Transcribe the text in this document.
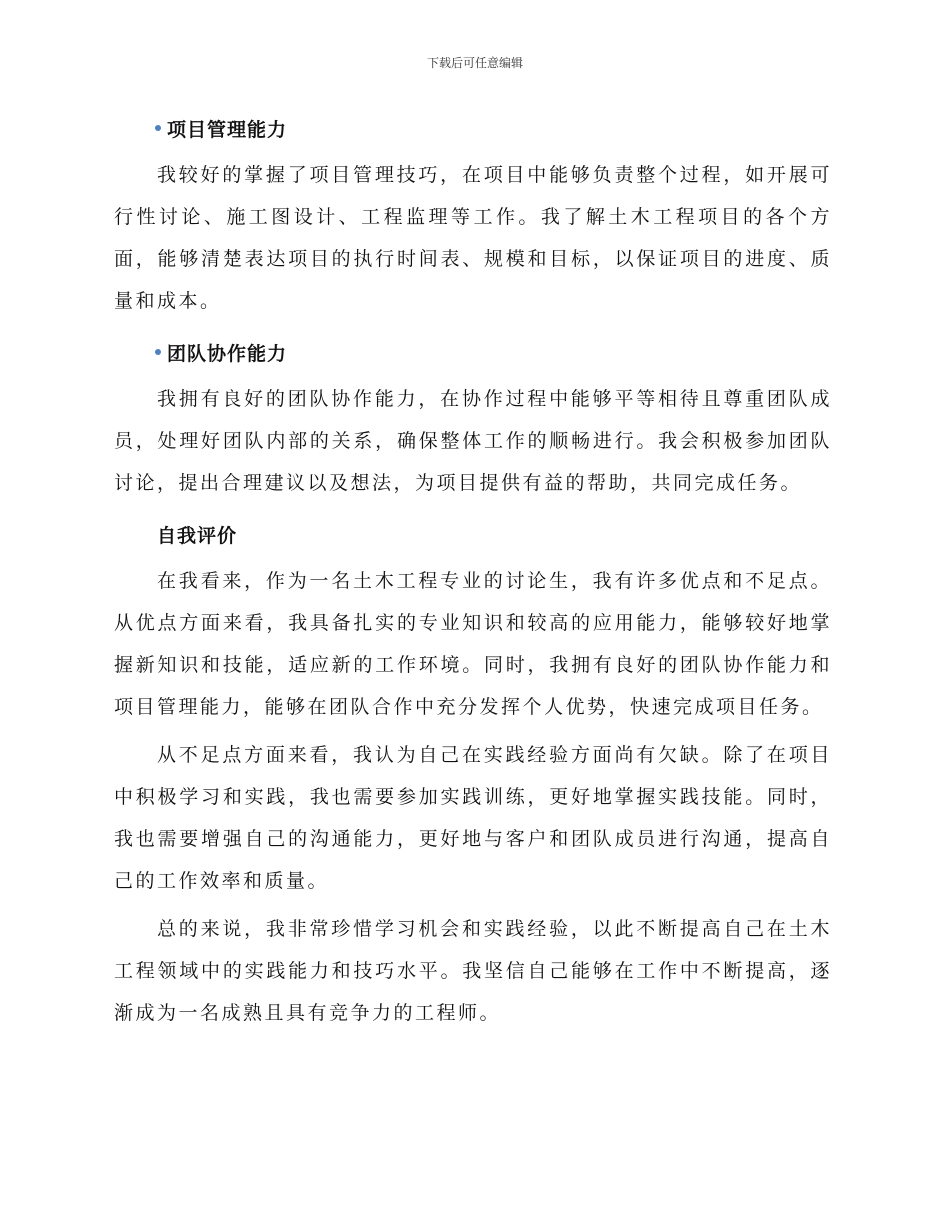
下载后可任意编辑
项目管理能力

我较好的掌握了项目管理技巧，在项目中能够负责整个过程，如开展可行性讨论、施工图设计、工程监理等工作。我了解土木工程项目的各个方面，能够清楚表达项目的执行时间表、规模和目标，以保证项目的进度、质量和成本。

团队协作能力

我拥有良好的团队协作能力，在协作过程中能够平等相待且尊重团队成员，处理好团队内部的关系，确保整体工作的顺畅进行。我会积极参加团队讨论，提出合理建议以及想法，为项目提供有益的帮助，共同完成任务。

自我评价

在我看来，作为一名土木工程专业的讨论生，我有许多优点和不足点。从优点方面来看，我具备扎实的专业知识和较高的应用能力，能够较好地掌握新知识和技能，适应新的工作环境。同时，我拥有良好的团队协作能力和项目管理能力，能够在团队合作中充分发挥个人优势，快速完成项目任务。

从不足点方面来看，我认为自己在实践经验方面尚有欠缺。除了在项目中积极学习和实践，我也需要参加实践训练，更好地掌握实践技能。同时，我也需要增强自己的沟通能力，更好地与客户和团队成员进行沟通，提高自己的工作效率和质量。

总的来说，我非常珍惜学习机会和实践经验，以此不断提高自己在土木工程领域中的实践能力和技巧水平。我坚信自己能够在工作中不断提高，逐渐成为一名成熟且具有竞争力的工程师。
